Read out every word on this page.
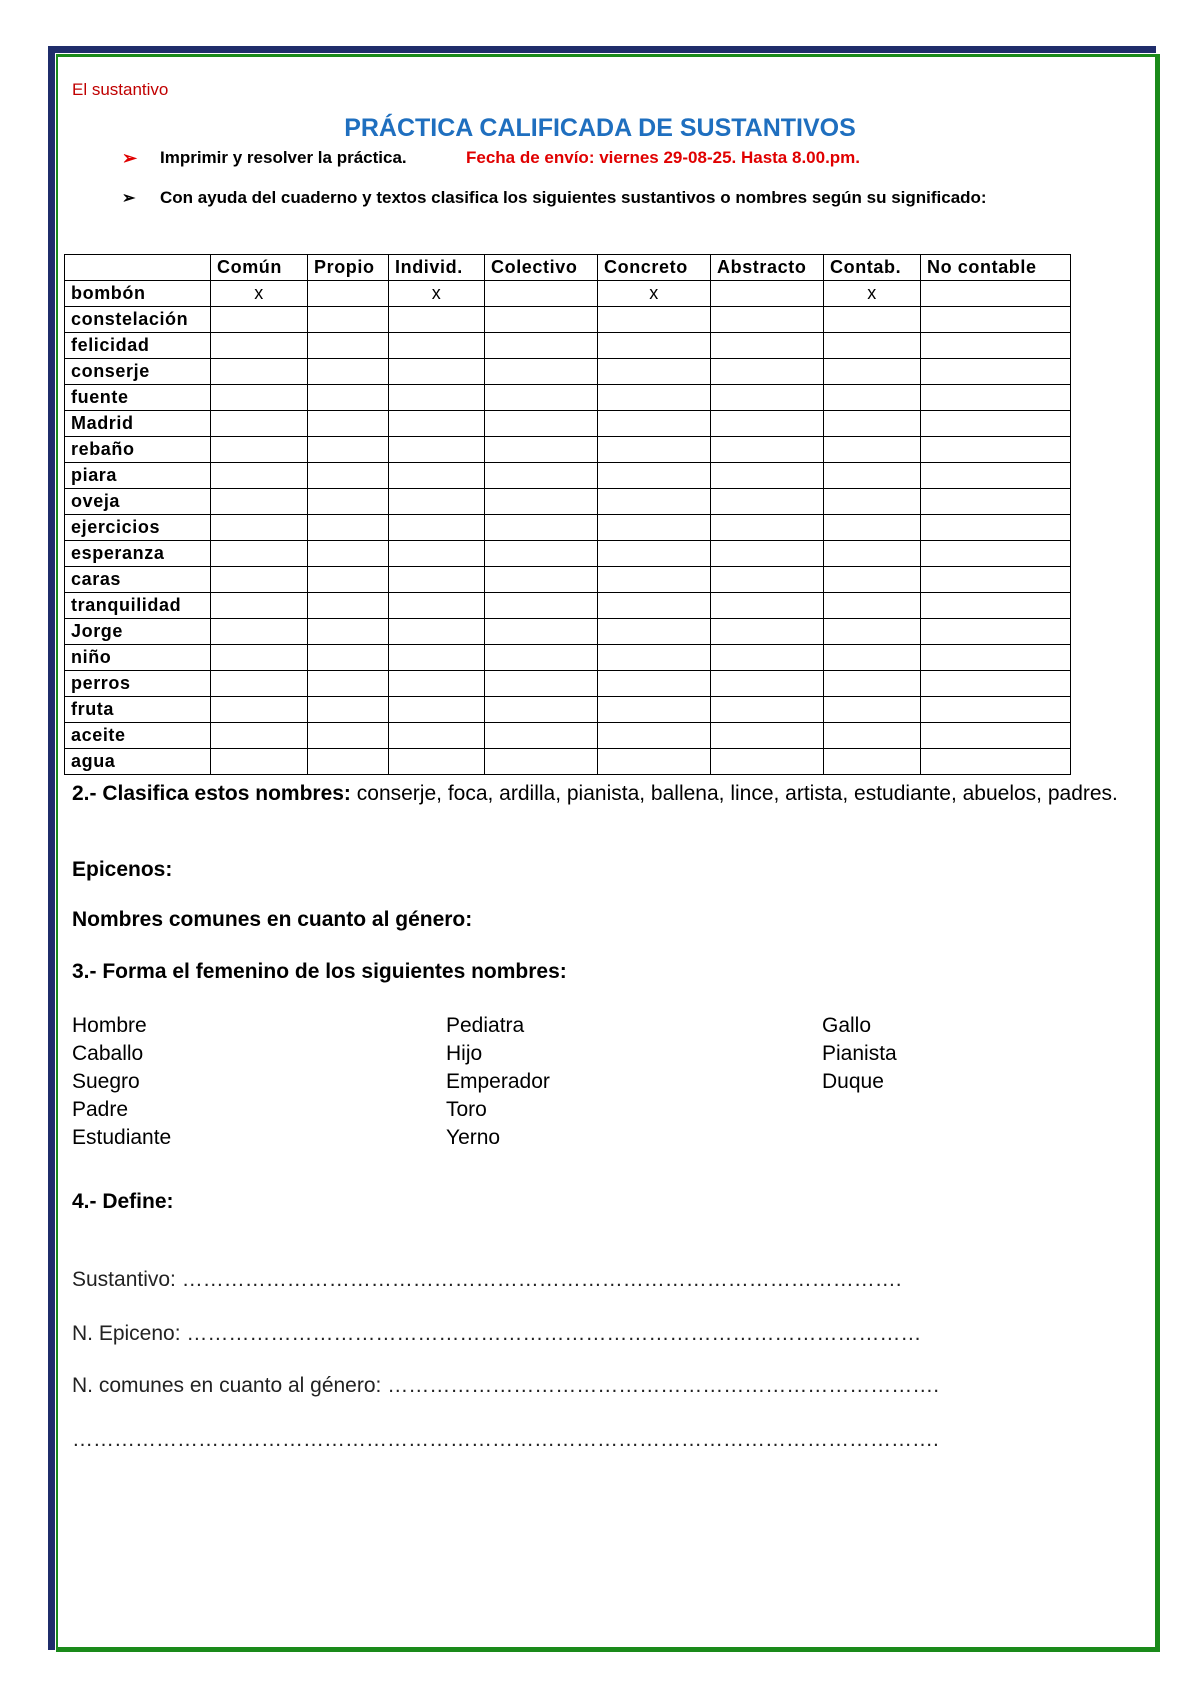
El sustantivo
PRÁCTICA CALIFICADA DE SUSTANTIVOS
➢ Imprimir y resolver la práctica.	Fecha de envío: viernes 29-08-25. Hasta 8.00.pm.
➢ Con ayuda del cuaderno y textos clasifica los siguientes sustantivos o nombres según su significado:
	Común	Propio	Individ.	Colectivo	Concreto	Abstracto	Contab.	No contable
bombón	x		x		x		x	
constelación								
felicidad								
conserje								
fuente								
Madrid								
rebaño								
piara								
oveja								
ejercicios								
esperanza								
caras								
tranquilidad								
Jorge								
niño								
perros								
fruta								
aceite								
agua								
2.- Clasifica estos nombres: conserje, foca, ardilla, pianista, ballena, lince, artista, estudiante, abuelos, padres.
Epicenos:
Nombres comunes en cuanto al género:
3.- Forma el femenino de los siguientes nombres:
Hombre
Caballo
Suegro
Padre
Estudiante
Pediatra
Hijo
Emperador
Toro
Yerno
Gallo
Pianista
Duque
4.- Define:
Sustantivo: ………………………………………………………………………………………….
N. Epiceno: ……………………………………………………………………………………………
N. comunes en cuanto al género: …………………………………………………………………….
…………………………………………………………………………………………………………….
